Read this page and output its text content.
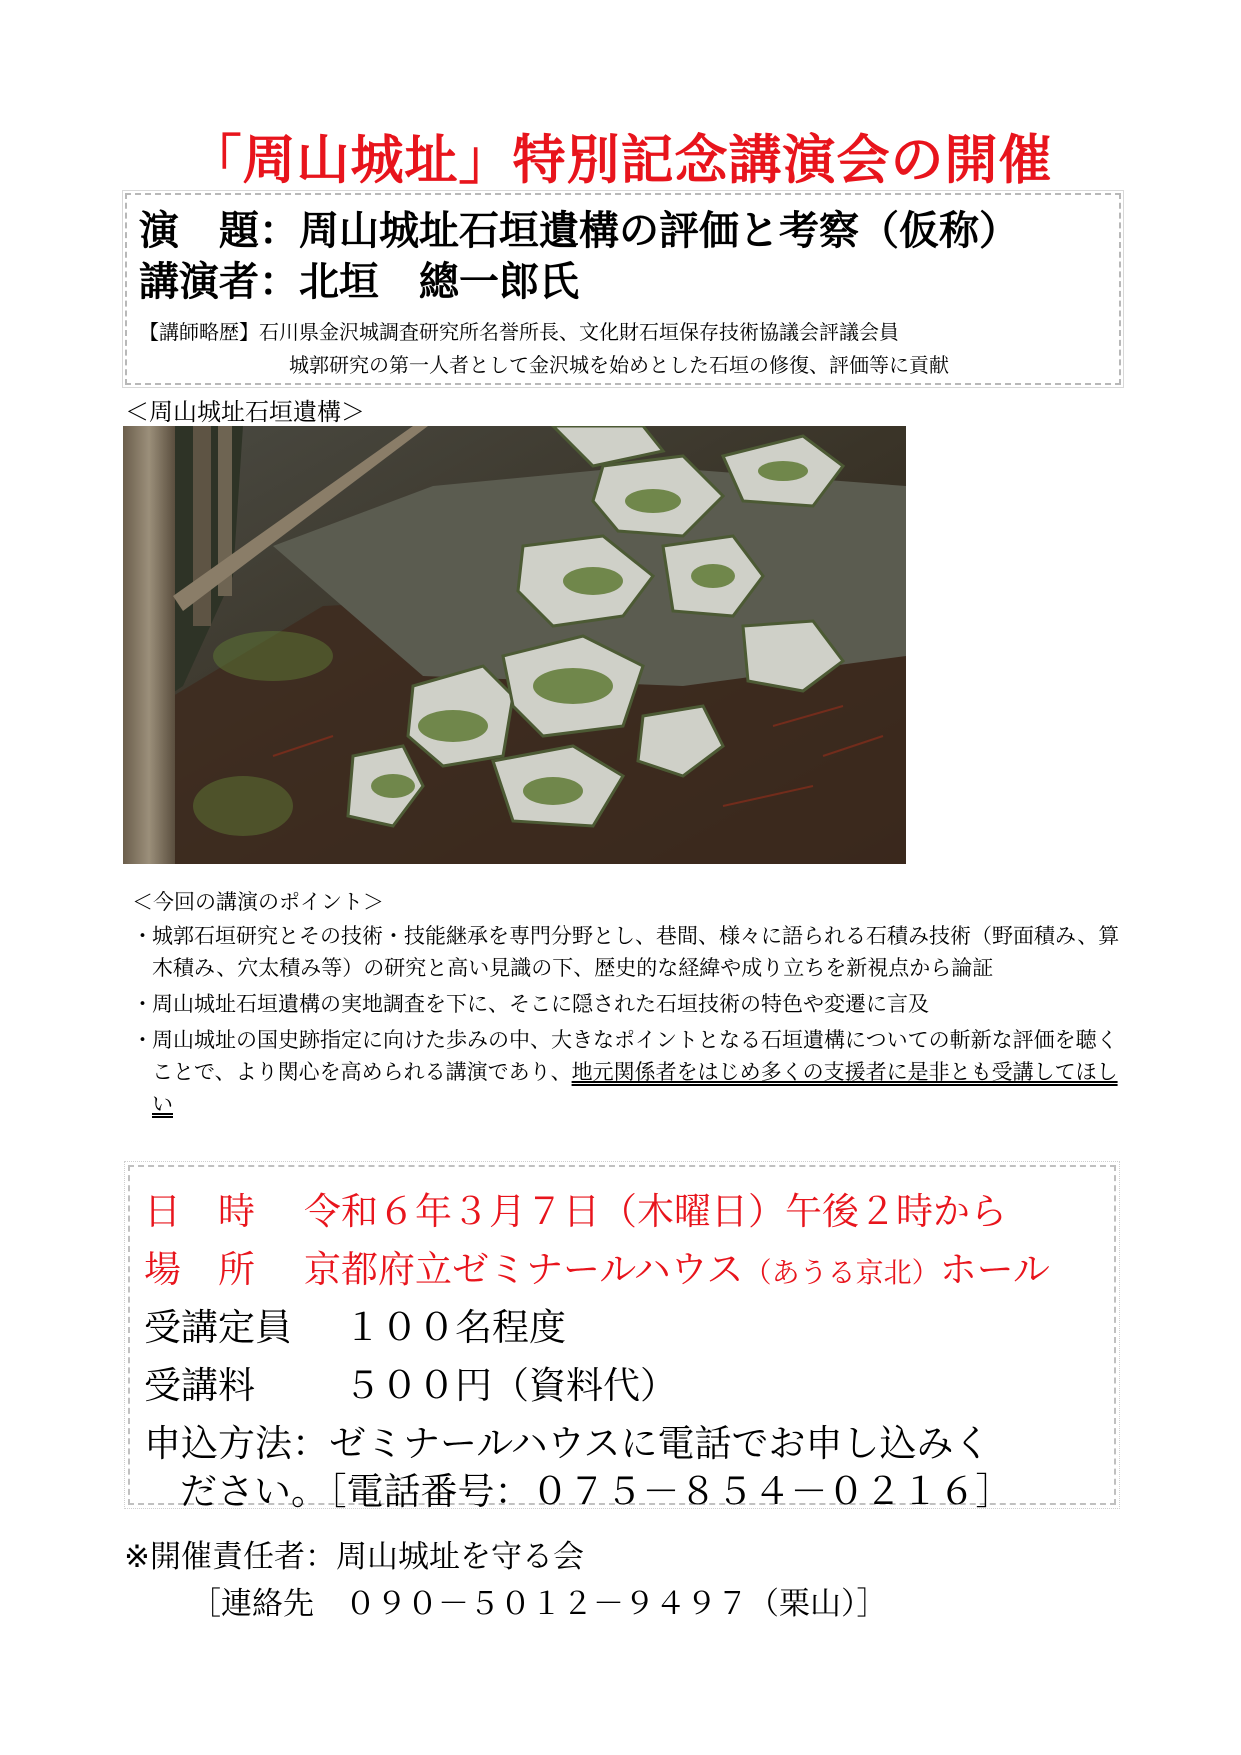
「周山城址」特別記念講演会の開催
演　題：周山城址石垣遺構の評価と考察（仮称）
講演者：北垣　總一郎氏
【講師略歴】石川県金沢城調査研究所名誉所長、文化財石垣保存技術協議会評議会員
城郭研究の第一人者として金沢城を始めとした石垣の修復、評価等に貢献
＜周山城址石垣遺構＞
＜今回の講演のポイント＞
・ 城郭石垣研究とその技術・技能継承を専門分野とし、巷間、様々に語られる石積み技術（野面積み、算木積み、穴太積み等）の研究と高い見識の下、歴史的な経緯や成り立ちを新視点から論証
・ 周山城址石垣遺構の実地調査を下に、そこに隠された石垣技術の特色や変遷に言及
・ 周山城址の国史跡指定に向けた歩みの中、大きなポイントとなる石垣遺構についての斬新な評価を聴くことで、より関心を高められる講演であり、地元関係者をはじめ多くの支援者に是非とも受講してほしい
日　時 令和６年３月７日（木曜日）午後２時から
場　所 京都府立ゼミナールハウス（あうる京北）ホール
受講定員 １００名程度
受講料 ５００円（資料代）
申込方法：ゼミナールハウスに電話でお申し込みく
ださい。［電話番号：０７５－８５４－０２１６］
※開催責任者：周山城址を守る会
［連絡先　０９０－５０１２－９４９７（栗山）］
